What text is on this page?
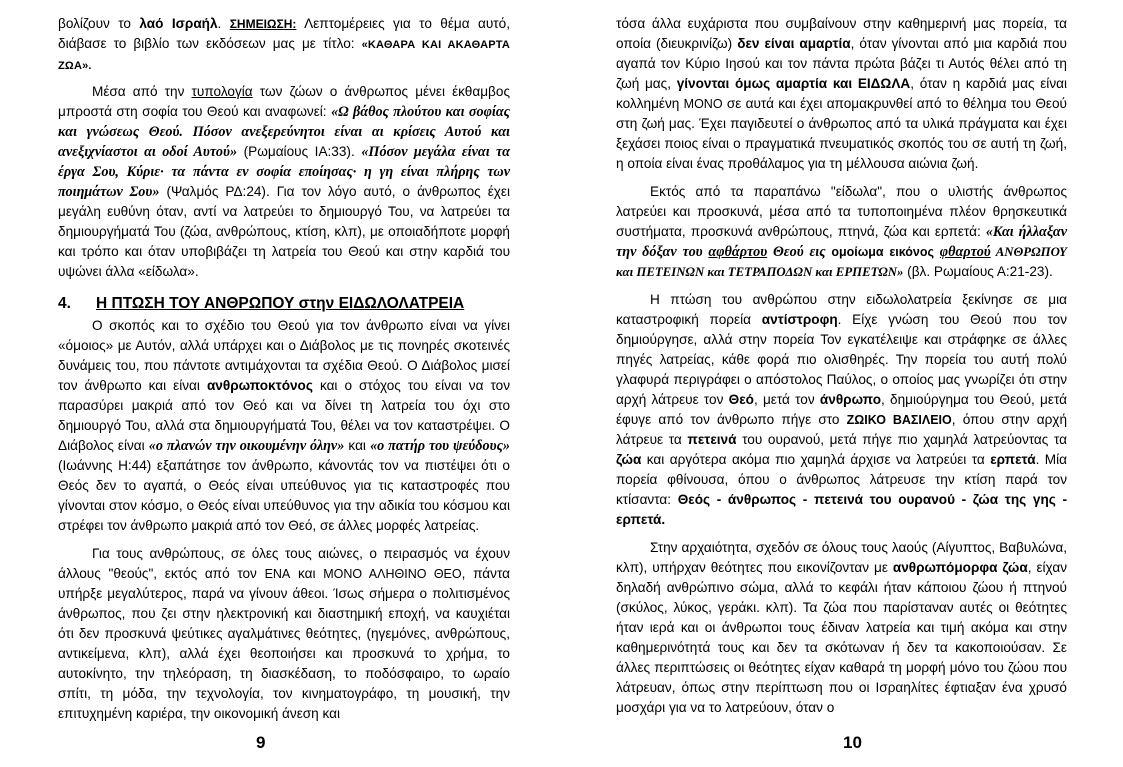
βολίζουν το λαό Ισραήλ. ΣΗΜΕΙΩΣΗ: Λεπτομέρειες για το θέμα αυτό, διάβασε το βιβλίο των εκδόσεων μας με τίτλο: «ΚΑΘΑΡΑ ΚΑΙ ΑΚΑΘΑΡΤΑ ΖΩΑ».

Μέσα από την τυπολογία των ζώων ο άνθρωπος μένει έκθαμβος μπροστά στη σοφία του Θεού και αναφωνεί: «Ω βάθος πλούτου και σοφίας και γνώσεως Θεού. Πόσον ανεξερεύνητοι είναι αι κρίσεις Αυτού και ανεξιχνίαστοι αι οδοί Αυτού» (Ρωμαίους ΙΑ:33). «Πόσον μεγάλα είναι τα έργα Σου, Κύριε· τα πάντα εν σοφία εποίησας· η γη είναι πλήρης των ποιημάτων Σου» (Ψαλμός ΡΔ:24). Για τον λόγο αυτό, ο άνθρωπος έχει μεγάλη ευθύνη όταν, αντί να λατρεύει το δημιουργό Του, να λατρεύει τα δημιουργήματά Του (ζώα, ανθρώπους, κτίση, κλπ), με οποιαδήποτε μορφή και τρόπο και όταν υποβιβάζει τη λατρεία του Θεού και στην καρδιά του υψώνει άλλα «είδωλα».

4.	Η ΠΤΩΣΗ ΤΟΥ ΑΝΘΡΩΠΟΥ στην ΕΙΔΩΛΟΛΑΤΡΕΙΑ

Ο σκοπός και το σχέδιο του Θεού για τον άνθρωπο είναι να γίνει «όμοιος» με Αυτόν, αλλά υπάρχει και ο Διάβολος με τις πονηρές σκοτεινές δυνάμεις του, που πάντοτε αντιμάχονται τα σχέδια Θεού. Ο Διάβολος μισεί τον άνθρωπο και είναι ανθρωποκτόνος και ο στόχος του είναι να τον παρασύρει μακριά από τον Θεό και να δίνει τη λατρεία του όχι στο δημιουργό Του, αλλά στα δημιουργήματά Του, θέλει να τον καταστρέψει. Ο Διάβολος είναι «ο πλανών την οικουμένην όλην» και «ο πατήρ του ψεύδους» (Ιωάννης Η:44) εξαπάτησε τον άνθρωπο, κάνοντάς τον να πιστέψει ότι ο Θεός δεν το αγαπά, ο Θεός είναι υπεύθυνος για τις καταστροφές που γίνονται στον κόσμο, ο Θεός είναι υπεύθυνος για την αδικία του κόσμου και στρέφει τον άνθρωπο μακριά από τον Θεό, σε άλλες μορφές λατρείας.

Για τους ανθρώπους, σε όλες τους αιώνες, ο πειρασμός να έχουν άλλους "θεούς", εκτός από τον ΕΝΑ και ΜΟΝΟ ΑΛΗΘΙΝΟ ΘΕΟ, πάντα υπήρξε μεγαλύτερος, παρά να γίνουν άθεοι. Ίσως σήμερα ο πολιτισμένος άνθρωπος, που ζει στην ηλεκτρονική και διαστημική εποχή, να καυχιέται ότι δεν προσκυνά ψεύτικες αγαλμάτινες θεότητες, (ηγεμόνες, ανθρώπους, αντικείμενα, κλπ), αλλά έχει θεοποιήσει και προσκυνά το χρήμα, το αυτοκίνητο, την τηλεόραση, τη διασκέδαση, το ποδόσφαιρο, το ωραίο σπίτι, τη μόδα, την τεχνολογία, τον κινηματογράφο, τη μουσική, την επιτυχημένη καριέρα, την οικονομική άνεση και

9

τόσα άλλα ευχάριστα που συμβαίνουν στην καθημερινή μας πορεία, τα οποία (διευκρινίζω) δεν είναι αμαρτία, όταν γίνονται από μια καρδιά που αγαπά τον Κύριο Ιησού και τον πάντα πρώτα βάζει τι Αυτός θέλει από τη ζωή μας, γίνονται όμως αμαρτία και ΕΙΔΩΛΑ, όταν η καρδιά μας είναι κολλημένη ΜΟΝΟ σε αυτά και έχει απομακρυνθεί από το θέλημα του Θεού στη ζωή μας. Έχει παγιδευτεί ο άνθρωπος από τα υλικά πράγματα και έχει ξεχάσει ποιος είναι ο πραγματικά πνευματικός σκοπός του σε αυτή τη ζωή, η οποία είναι ένας προθάλαμος για τη μέλλουσα αιώνια ζωή.

Εκτός από τα παραπάνω "είδωλα", που ο υλιστής άνθρωπος λατρεύει και προσκυνά, μέσα από τα τυποποιημένα πλέον θρησκευτικά συστήματα, προσκυνά ανθρώπους, πτηνά, ζώα και ερπετά: «Και ήλλαξαν την δόξαν του αφθάρτου Θεού εις ομοίωμα εικόνος φθαρτού ΑΝΘΡΩΠΟΥ και ΠΕΤΕΙΝΩΝ και ΤΕΤΡΑΠΟΔΩΝ και ΕΡΠΕΤΩΝ» (βλ. Ρωμαίους Α:21-23).

Η πτώση του ανθρώπου στην ειδωλολατρεία ξεκίνησε σε μια καταστροφική πορεία αντίστροφη. Είχε γνώση του Θεού που τον δημιούργησε, αλλά στην πορεία Τον εγκατέλειψε και στράφηκε σε άλλες πηγές λατρείας, κάθε φορά πιο ολισθηρές. Την πορεία του αυτή πολύ γλαφυρά περιγράφει ο απόστολος Παύλος, ο οποίος μας γνωρίζει ότι στην αρχή λάτρευε τον Θεό, μετά τον άνθρωπο, δημιούργημα του Θεού, μετά έφυγε από τον άνθρωπο πήγε στο ΖΩΙΚΟ ΒΑΣΙΛΕΙΟ, όπου στην αρχή λάτρευε τα πετεινά του ουρανού, μετά πήγε πιο χαμηλά λατρεύοντας τα ζώα και αργότερα ακόμα πιο χαμηλά άρχισε να λατρεύει τα ερπετά. Μία πορεία φθίνουσα, όπου ο άνθρωπος λάτρευσε την κτίση παρά τον κτίσαντα: Θεός - άνθρωπος - πετεινά του ουρανού - ζώα της γης - ερπετά.

Στην αρχαιότητα, σχεδόν σε όλους τους λαούς (Αίγυπτος, Βαβυλώνα, κλπ), υπήρχαν θεότητες που εικονίζονταν με ανθρωπόμορφα ζώα, είχαν δηλαδή ανθρώπινο σώμα, αλλά το κεφάλι ήταν κάποιου ζώου ή πτηνού (σκύλος, λύκος, γεράκι. κλπ). Τα ζώα που παρίσταναν αυτές οι θεότητες ήταν ιερά και οι άνθρωποι τους έδιναν λατρεία και τιμή ακόμα και στην καθημερινότητά τους και δεν τα σκότωναν ή δεν τα κακοποιούσαν. Σε άλλες περιπτώσεις οι θεότητες είχαν καθαρά τη μορφή μόνο του ζώου που λάτρευαν, όπως στην περίπτωση που οι Ισραηλίτες έφτιαξαν ένα χρυσό μοσχάρι για να το λατρεύουν, όταν ο

10
